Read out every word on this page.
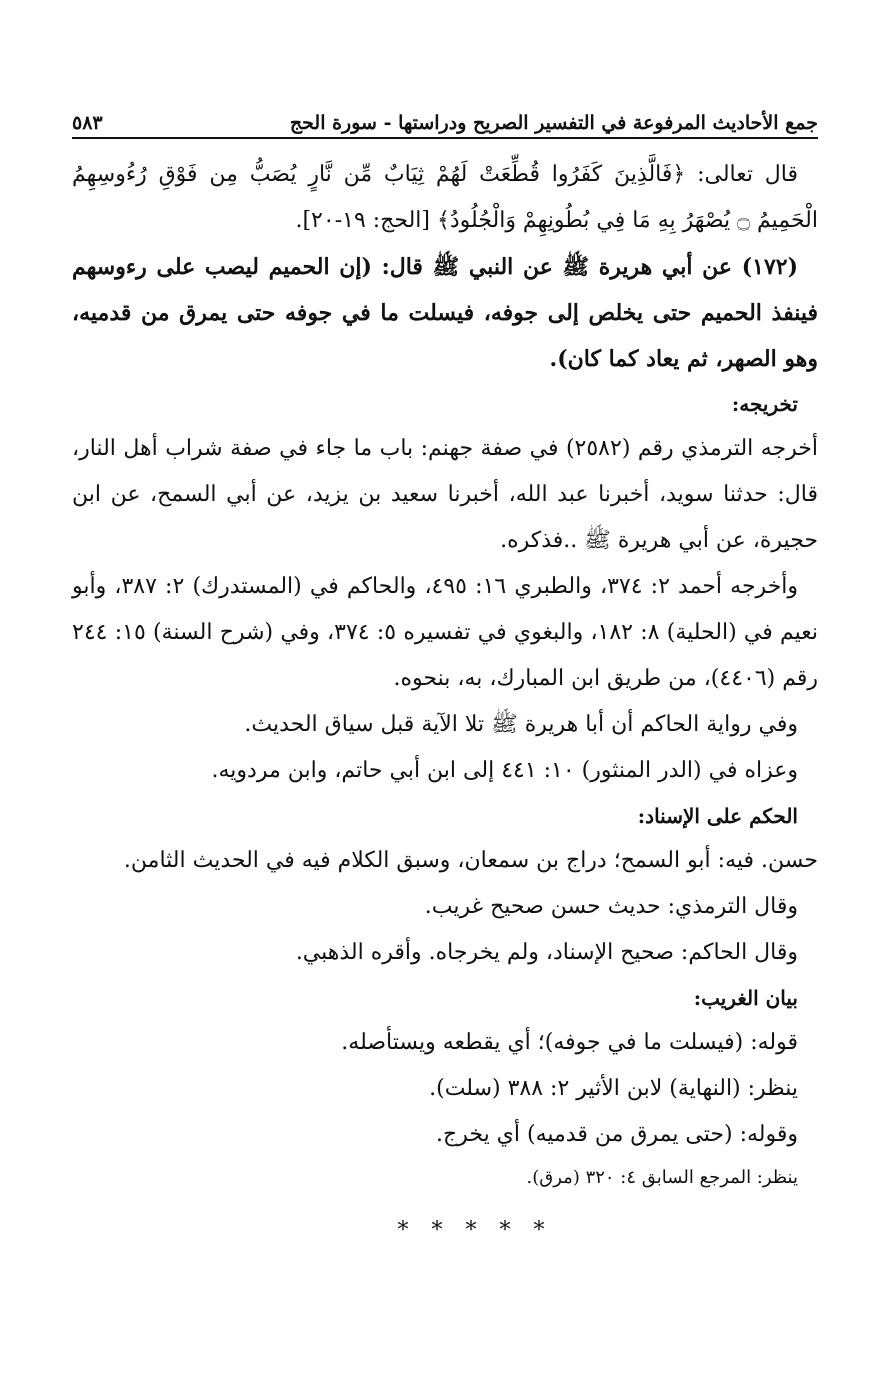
جمع الأحاديث المرفوعة في التفسير الصريح ودراستها - سورة الحج
٥٨٣

قال تعالى: ﴿فَالَّذِينَ كَفَرُوا قُطِّعَتْ لَهُمْ ثِيَابٌ مِّن نَّارٍ يُصَبُّ مِن فَوْقِ رُءُوسِهِمُ الْحَمِيمُ ۝ يُصْهَرُ بِهِ مَا فِي بُطُونِهِمْ وَالْجُلُودُ﴾ [الحج: ١٩-٢٠].

(١٧٢) عن أبي هريرة ﷺ عن النبي ﷺ قال: (إن الحميم ليصب على رءوسهم فينفذ الحميم حتى يخلص إلى جوفه، فيسلت ما في جوفه حتى يمرق من قدميه، وهو الصهر، ثم يعاد كما كان).

تخريجه:

أخرجه الترمذي رقم (٢٥٨٢) في صفة جهنم: باب ما جاء في صفة شراب أهل النار، قال: حدثنا سويد، أخبرنا عبد الله، أخبرنا سعيد بن يزيد، عن أبي السمح، عن ابن حجيرة، عن أبي هريرة ﷺ ..فذكره.

وأخرجه أحمد ٢: ٣٧٤، والطبري ١٦: ٤٩٥، والحاكم في (المستدرك) ٢: ٣٨٧، وأبو نعيم في (الحلية) ٨: ١٨٢، والبغوي في تفسيره ٥: ٣٧٤، وفي (شرح السنة) ١٥: ٢٤٤ رقم (٤٤٠٦)، من طريق ابن المبارك، به، بنحوه.

وفي رواية الحاكم أن أبا هريرة ﷺ تلا الآية قبل سياق الحديث.

وعزاه في (الدر المنثور) ١٠: ٤٤١ إلى ابن أبي حاتم، وابن مردويه.

الحكم على الإسناد:

حسن. فيه: أبو السمح؛ دراج بن سمعان، وسبق الكلام فيه في الحديث الثامن.

وقال الترمذي: حديث حسن صحيح غريب.

وقال الحاكم: صحيح الإسناد، ولم يخرجاه. وأقره الذهبي.

بيان الغريب:

قوله: (فيسلت ما في جوفه)؛ أي يقطعه ويستأصله.

ينظر: (النهاية) لابن الأثير ٢: ٣٨٨ (سلت).

وقوله: (حتى يمرق من قدميه) أي يخرج.

ينظر: المرجع السابق ٤: ٣٢٠ (مرق).

* * * * *
